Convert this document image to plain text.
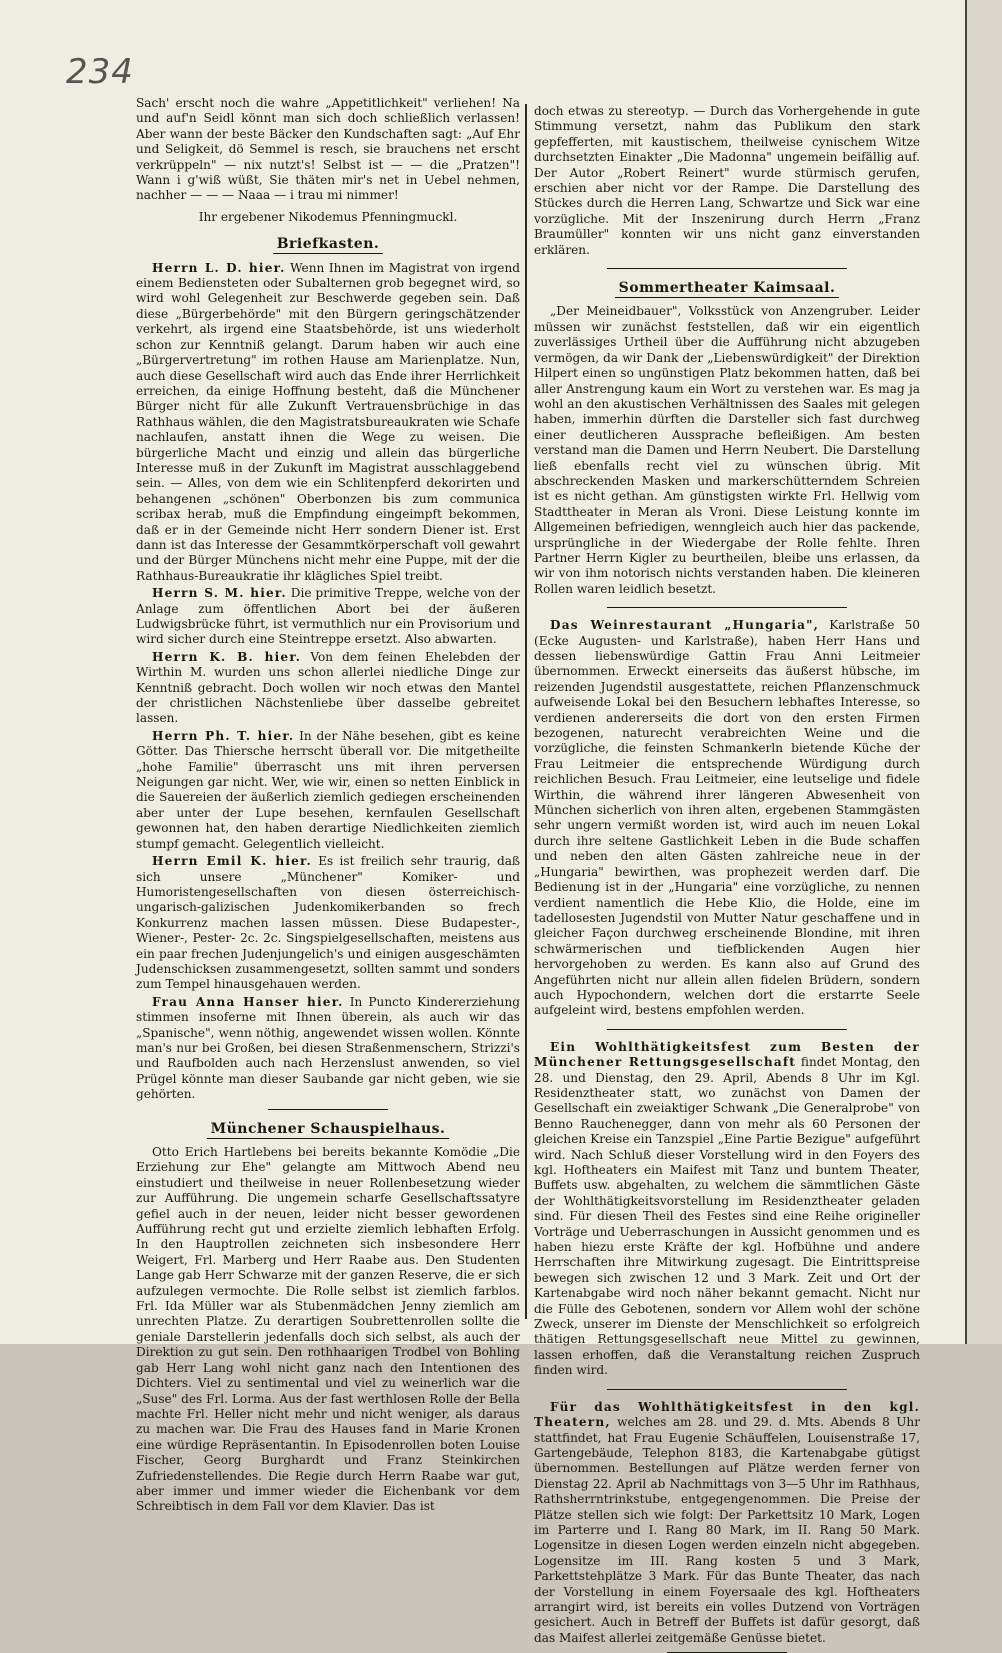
234

Sach' erscht noch die wahre „Appetitlichkeit" verliehen! Na und auf'n Seidl könnt man sich doch schließlich verlassen! Aber wann der beste Bäcker den Kundschaften sagt: „Auf Ehr und Seligkeit, dö Semmel is resch, sie brauchens net erscht verkrüppeln" — nix nutzt's! Selbst ist — — die „Pratzen"! Wann i g'wiß wüßt, Sie thäten mir's net in Uebel nehmen, nachher — — — Naaa — i trau mi nimmer!

Ihr ergebener Nikodemus Pfenningmuckl.

Briefkasten.

Herrn L. D. hier. Wenn Ihnen im Magistrat von irgend einem Bediensteten oder Subalternen grob begegnet wird, so wird wohl Gelegenheit zur Beschwerde gegeben sein. Daß diese „Bürgerbehörde" mit den Bürgern geringschätzender verkehrt, als irgend eine Staatsbehörde, ist uns wiederholt schon zur Kenntniß gelangt. Darum haben wir auch eine „Bürgervertretung" im rothen Hause am Marienplatze. Nun, auch diese Gesellschaft wird auch das Ende ihrer Herrlichkeit erreichen, da einige Hoffnung besteht, daß die Münchener Bürger nicht für alle Zukunft Vertrauensbrüchige in das Rathhaus wählen, die den Magistratsbureaukraten wie Schafe nachlaufen, anstatt ihnen die Wege zu weisen. Die bürgerliche Macht und einzig und allein das bürgerliche Interesse muß in der Zukunft im Magistrat ausschlaggebend sein. — Alles, von dem wie ein Schlitenpferd dekorirten und behangenen „schönen" Oberbonzen bis zum communica scribax herab, muß die Empfindung eingeimpft bekommen, daß er in der Gemeinde nicht Herr sondern Diener ist. Erst dann ist das Interesse der Gesammtkörperschaft voll gewahrt und der Bürger Münchens nicht mehr eine Puppe, mit der die Rathhaus-Bureaukratie ihr klägliches Spiel treibt.

Herrn S. M. hier. Die primitive Treppe, welche von der Anlage zum öffentlichen Abort bei der äußeren Ludwigsbrücke führt, ist vermuthlich nur ein Provisorium und wird sicher durch eine Steintreppe ersetzt. Also abwarten.

Herrn K. B. hier. Von dem feinen Ehelebden der Wirthin M. wurden uns schon allerlei niedliche Dinge zur Kenntniß gebracht. Doch wollen wir noch etwas den Mantel der christlichen Nächstenliebe über dasselbe gebreitet lassen.

Herrn Ph. T. hier. In der Nähe besehen, gibt es keine Götter. Das Thiersche herrscht überall vor. Die mitgetheilte „hohe Familie" überrascht uns mit ihren perversen Neigungen gar nicht. Wer, wie wir, einen so netten Einblick in die Sauereien der äußerlich ziemlich gediegen erscheinenden aber unter der Lupe besehen, kernfaulen Gesellschaft gewonnen hat, den haben derartige Niedlichkeiten ziemlich stumpf gemacht. Gelegentlich vielleicht.

Herrn Emil K. hier. Es ist freilich sehr traurig, daß sich unsere „Münchener" Komiker- und Humoristengesellschaften von diesen österreichisch-ungarisch-galizischen Judenkomikerbanden so frech Konkurrenz machen lassen müssen. Diese Budapester-, Wiener-, Pester- 2c. 2c. Singspielgesellschaften, meistens aus ein paar frechen Judenjungelich's und einigen ausgeschämten Judenschicksen zusammengesetzt, sollten sammt und sonders zum Tempel hinausgehauen werden.

Frau Anna Hanser hier. In Puncto Kindererziehung stimmen insoferne mit Ihnen überein, als auch wir das „Spanische", wenn nöthig, angewendet wissen wollen. Könnte man's nur bei Großen, bei diesen Straßenmenschern, Strizzi's und Raufbolden auch nach Herzenslust anwenden, so viel Prügel könnte man dieser Saubande gar nicht geben, wie sie gehörten.

Münchener Schauspielhaus.

Otto Erich Hartlebens bei bereits bekannte Komödie „Die Erziehung zur Ehe" gelangte am Mittwoch Abend neu einstudiert und theilweise in neuer Rollenbesetzung wieder zur Aufführung. Die ungemein scharfe Gesellschaftssatyre gefiel auch in der neuen, leider nicht besser gewordenen Aufführung recht gut und erzielte ziemlich lebhaften Erfolg. In den Hauptrollen zeichneten sich insbesondere Herr Weigert, Frl. Marberg und Herr Raabe aus. Den Studenten Lange gab Herr Schwarze mit der ganzen Reserve, die er sich aufzulegen vermochte. Die Rolle selbst ist ziemlich farblos. Frl. Ida Müller war als Stubenmädchen Jenny ziemlich am unrechten Platze. Zu derartigen Soubrettenrollen sollte die geniale Darstellerin jedenfalls doch sich selbst, als auch der Direktion zu gut sein. Den rothhaarigen Trodbel von Bohling gab Herr Lang wohl nicht ganz nach den Intentionen des Dichters. Viel zu sentimental und viel zu weinerlich war die „Suse" des Frl. Lorma. Aus der fast werthlosen Rolle der Bella machte Frl. Heller nicht mehr und nicht weniger, als daraus zu machen war. Die Frau des Hauses fand in Marie Kronen eine würdige Repräsentantin. In Episodenrollen boten Louise Fischer, Georg Burghardt und Franz Steinkirchen Zufriedenstellendes. Die Regie durch Herrn Raabe war gut, aber immer und immer wieder die Eichenbank vor dem Schreibtisch in dem Fall vor dem Klavier. Das ist

doch etwas zu stereotyp. — Durch das Vorhergehende in gute Stimmung versetzt, nahm das Publikum den stark gepfefferten, mit kaustischem, theilweise cynischem Witze durchsetzten Einakter „Die Madonna" ungemein beifällig auf. Der Autor „Robert Reinert" wurde stürmisch gerufen, erschien aber nicht vor der Rampe. Die Darstellung des Stückes durch die Herren Lang, Schwartze und Sick war eine vorzügliche. Mit der Inszenirung durch Herrn „Franz Braumüller" konnten wir uns nicht ganz einverstanden erklären.

Sommertheater Kaimsaal.

„Der Meineidbauer", Volksstück von Anzengruber. Leider müssen wir zunächst feststellen, daß wir ein eigentlich zuverlässiges Urtheil über die Aufführung nicht abzugeben vermögen, da wir Dank der „Liebenswürdigkeit" der Direktion Hilpert einen so ungünstigen Platz bekommen hatten, daß bei aller Anstrengung kaum ein Wort zu verstehen war. Es mag ja wohl an den akustischen Verhältnissen des Saales mit gelegen haben, immerhin dürften die Darsteller sich fast durchweg einer deutlicheren Aussprache befleißigen. Am besten verstand man die Damen und Herrn Neubert. Die Darstellung ließ ebenfalls recht viel zu wünschen übrig. Mit abschreckenden Masken und markerschütterndem Schreien ist es nicht gethan. Am günstigsten wirkte Frl. Hellwig vom Stadttheater in Meran als Vroni. Diese Leistung konnte im Allgemeinen befriedigen, wenngleich auch hier das packende, ursprüngliche in der Wiedergabe der Rolle fehlte. Ihren Partner Herrn Kigler zu beurtheilen, bleibe uns erlassen, da wir von ihm notorisch nichts verstanden haben. Die kleineren Rollen waren leidlich besetzt.

Das Weinrestaurant „Hungaria", Karlstraße 50 (Ecke Augusten- und Karlstraße), haben Herr Hans und dessen liebenswürdige Gattin Frau Anni Leitmeier übernommen. Erweckt einerseits das äußerst hübsche, im reizenden Jugendstil ausgestattete, reichen Pflanzenschmuck aufweisende Lokal bei den Besuchern lebhaftes Interesse, so verdienen andererseits die dort von den ersten Firmen bezogenen, naturecht verabreichten Weine und die vorzügliche, die feinsten Schmankerln bietende Küche der Frau Leitmeier die entsprechende Würdigung durch reichlichen Besuch. Frau Leitmeier, eine leutselige und fidele Wirthin, die während ihrer längeren Abwesenheit von München sicherlich von ihren alten, ergebenen Stammgästen sehr ungern vermißt worden ist, wird auch im neuen Lokal durch ihre seltene Gastlichkeit Leben in die Bude schaffen und neben den alten Gästen zahlreiche neue in der „Hungaria" bewirthen, was prophezeit werden darf. Die Bedienung ist in der „Hungaria" eine vorzügliche, zu nennen verdient namentlich die Hebe Klio, die Holde, eine im tadellosesten Jugendstil von Mutter Natur geschaffene und in gleicher Façon durchweg erscheinende Blondine, mit ihren schwärmerischen und tiefblickenden Augen hier hervorgehoben zu werden. Es kann also auf Grund des Angeführten nicht nur allein allen fidelen Brüdern, sondern auch Hypochondern, welchen dort die erstarrte Seele aufgeleint wird, bestens empfohlen werden.

Ein Wohlthätigkeitsfest zum Besten der Münchener Rettungsgesellschaft findet Montag, den 28. und Dienstag, den 29. April, Abends 8 Uhr im Kgl. Residenztheater statt, wo zunächst von Damen der Gesellschaft ein zweiaktiger Schwank „Die Generalprobe" von Benno Rauchenegger, dann von mehr als 60 Personen der gleichen Kreise ein Tanzspiel „Eine Partie Bezigue" aufgeführt wird. Nach Schluß dieser Vorstellung wird in den Foyers des kgl. Hoftheaters ein Maifest mit Tanz und buntem Theater, Buffets usw. abgehalten, zu welchem die sämmtlichen Gäste der Wohlthätigkeitsvorstellung im Residenztheater geladen sind. Für diesen Theil des Festes sind eine Reihe origineller Vorträge und Ueberraschungen in Aussicht genommen und es haben hiezu erste Kräfte der kgl. Hofbühne und andere Herrschaften ihre Mitwirkung zugesagt. Die Eintrittspreise bewegen sich zwischen 12 und 3 Mark. Zeit und Ort der Kartenabgabe wird noch näher bekannt gemacht. Nicht nur die Fülle des Gebotenen, sondern vor Allem wohl der schöne Zweck, unserer im Dienste der Menschlichkeit so erfolgreich thätigen Rettungsgesellschaft neue Mittel zu gewinnen, lassen erhoffen, daß die Veranstaltung reichen Zuspruch finden wird.

Für das Wohlthätigkeitsfest in den kgl. Theatern, welches am 28. und 29. d. Mts. Abends 8 Uhr stattfindet, hat Frau Eugenie Schäuffelen, Louisenstraße 17, Gartengebäude, Telephon 8183, die Kartenabgabe gütigst übernommen. Bestellungen auf Plätze werden ferner von Dienstag 22. April ab Nachmittags von 3—5 Uhr im Rathhaus, Rathsherrntrinkstube, entgegengenommen. Die Preise der Plätze stellen sich wie folgt: Der Parkettsitz 10 Mark, Logen im Parterre und I. Rang 80 Mark, im II. Rang 50 Mark. Logensitze in diesen Logen werden einzeln nicht abgegeben. Logensitze im III. Rang kosten 5 und 3 Mark, Parkettstehplätze 3 Mark. Für das Bunte Theater, das nach der Vorstellung in einem Foyersaale des kgl. Hoftheaters arrangirt wird, ist bereits ein volles Dutzend von Vorträgen gesichert. Auch in Betreff der Buffets ist dafür gesorgt, daß das Maifest allerlei zeitgemäße Genüsse bietet.
